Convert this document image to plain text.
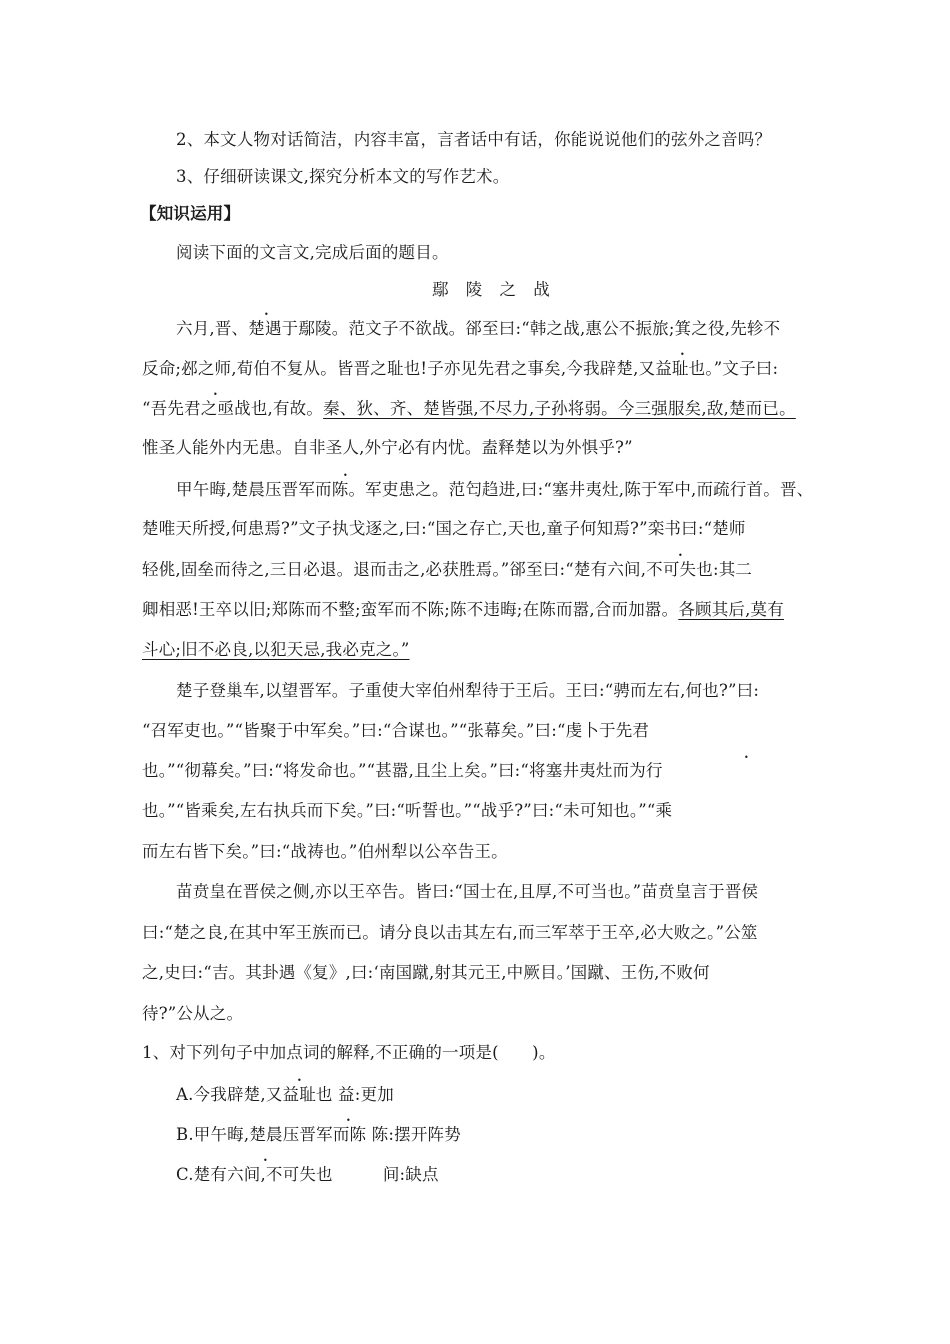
2、本文人物对话简洁，内容丰富，言者话中有话，你能说说他们的弦外之音吗？
3、仔细研读课文,探究分析本文的写作艺术。
【知识运用】
阅读下面的文言文,完成后面的题目。
鄢 陵 之 战
六月,晋、楚遇于鄢陵。范文子不欲战。郤至曰:“韩之战,惠公不振旅;箕之役,先轸不
反命;邲之师,荀伯不复从。皆晋之耻也!子亦见先君之事矣,今我辟楚,又益耻也。”文子曰:
“吾先君之亟战也,有故。秦、狄、齐、楚皆强,不尽力,子孙将弱。今三强服矣,敌,楚而已。
惟圣人能外内无患。自非圣人,外宁必有内忧。盍释楚以为外惧乎?”
甲午晦,楚晨压晋军而陈。军吏患之。范匄趋进,曰:“塞井夷灶,陈于军中,而疏行首。晋、
楚唯天所授,何患焉?”文子执戈逐之,曰:“国之存亡,天也,童子何知焉?”栾书曰:“楚师
轻佻,固垒而待之,三日必退。退而击之,必获胜焉。”郤至曰:“楚有六间,不可失也:其二
卿相恶!王卒以旧;郑陈而不整;蛮军而不陈;陈不违晦;在陈而嚣,合而加嚣。各顾其后,莫有
斗心;旧不必良,以犯天忌,我必克之。”
楚子登巢车,以望晋军。子重使大宰伯州犁待于王后。王曰:“骋而左右,何也?”曰:
“召军吏也。”“皆聚于中军矣。”曰:“合谋也。”“张幕矣。”曰:“虔卜于先君
也。”“彻幕矣。”曰:“将发命也。”“甚嚣,且尘上矣。”曰:“将塞井夷灶而为行
也。”“皆乘矣,左右执兵而下矣。”曰:“听誓也。”“战乎?”曰:“未可知也。”“乘
而左右皆下矣。”曰:“战祷也。”伯州犁以公卒告王。
苗贲皇在晋侯之侧,亦以王卒告。皆曰:“国士在,且厚,不可当也。”苗贲皇言于晋侯
曰:“楚之良,在其中军王族而已。请分良以击其左右,而三军萃于王卒,必大败之。”公筮
之,史曰:“吉。其卦遇《复》,曰:‘南国蹴,射其元王,中厥目。’国蹴、王伤,不败何
待?”公从之。
1、对下列句子中加点词的解释,不正确的一项是(　　)。
A.今我辟楚,又益耻也 益:更加
B.甲午晦,楚晨压晋军而陈 陈:摆开阵势
C.楚有六间,不可失也　　　间:缺点
•
•
•
•
•
•
•
•
•
